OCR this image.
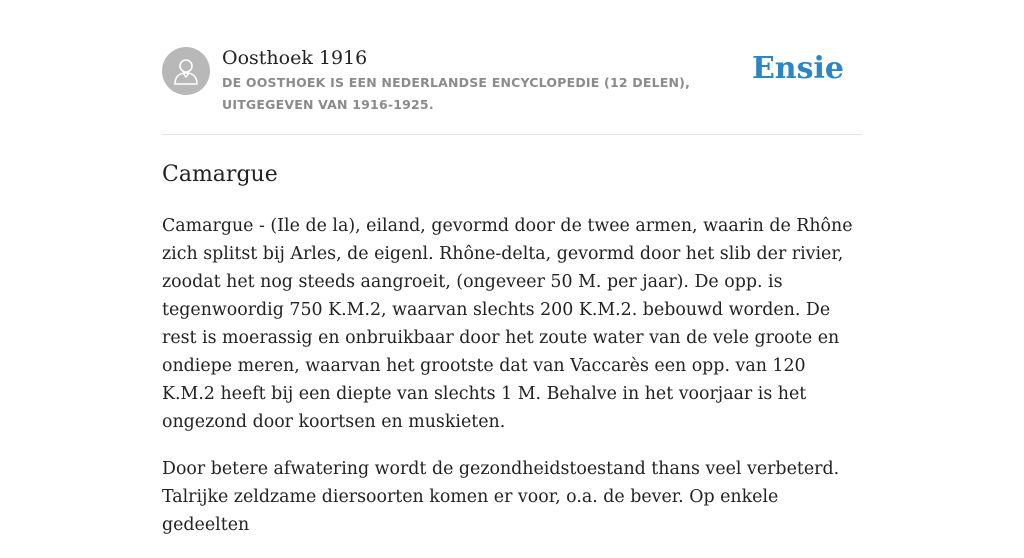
Oosthoek 1916
DE OOSTHOEK IS EEN NEDERLANDSE ENCYCLOPEDIE (12 DELEN), UITGEGEVEN VAN 1916-1925.
Ensie
Camargue

Camargue - (Ile de la), eiland, gevormd door de twee armen, waarin de Rhône zich splitst bij Arles, de eigenl. Rhône-delta, gevormd door het slib der rivier, zoodat het nog steeds aangroeit, (ongeveer 50 M. per jaar). De opp. is tegenwoordig 750 K.M.2, waarvan slechts 200 K.M.2. bebouwd worden. De rest is moerassig en onbruikbaar door het zoute water van de vele groote en ondiepe meren, waarvan het grootste dat van Vaccarès een opp. van 120 K.M.2 heeft bij een diepte van slechts 1 M. Behalve in het voorjaar is het ongezond door koortsen en muskieten.

Door betere afwatering wordt de gezondheidstoestand thans veel verbeterd. Talrijke zeldzame diersoorten komen er voor, o.a. de bever. Op enkele gedeelten
